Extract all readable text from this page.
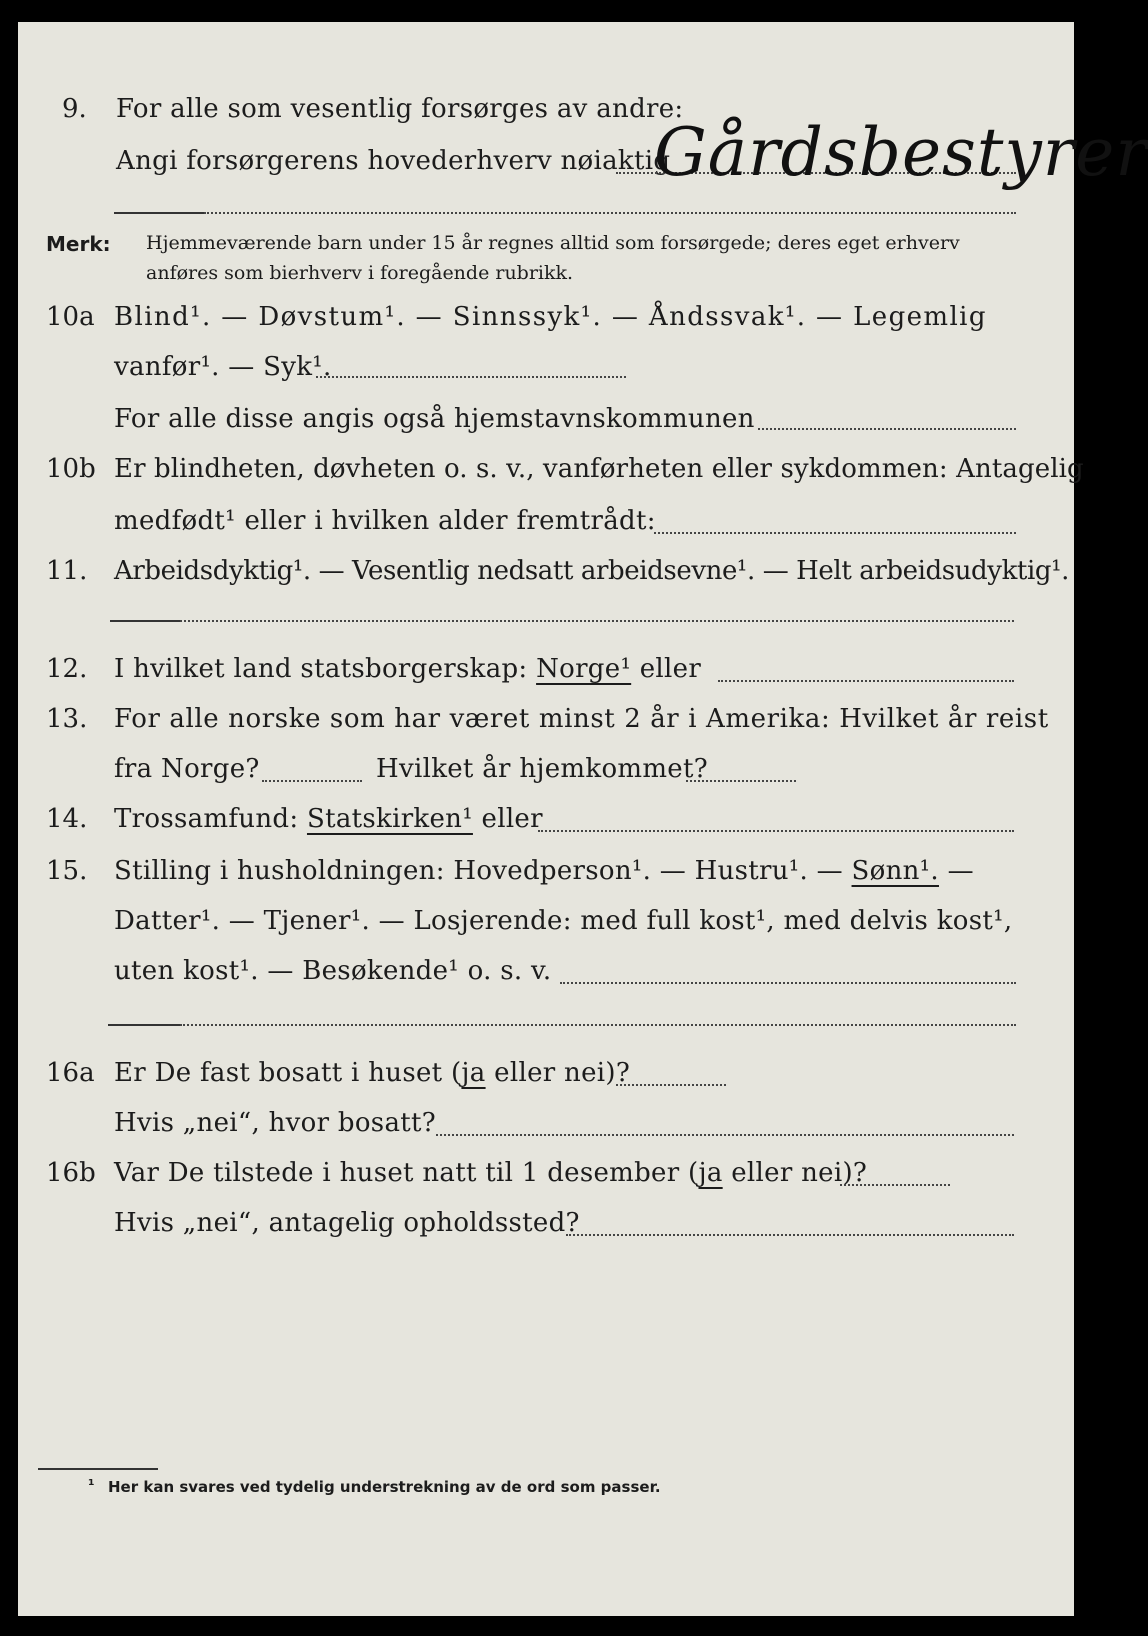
9. For alle som vesentlig forsørges av andre:
Angi forsørgerens hovederhverv nøiaktig
Gårdsbestyrer
Merk: Hjemmeværende barn under 15 år regnes alltid som forsørgede; deres eget erhverv anføres som bierhverv i foregående rubrikk.
10a Blind¹. — Døvstum¹. — Sinnssyk¹. — Åndssvak¹. — Legemlig
vanfør¹. — Syk¹.
For alle disse angis også hjemstavnskommunen
10b Er blindheten, døvheten o. s. v., vanførheten eller sykdommen: Antagelig
medfødt¹ eller i hvilken alder fremtrådt:
11. Arbeidsdyktig¹. — Vesentlig nedsatt arbeidsevne¹. — Helt arbeidsudyktig¹.
12. I hvilket land statsborgerskap: Norge¹ eller
13. For alle norske som har været minst 2 år i Amerika: Hvilket år reist
fra Norge?	Hvilket år hjemkommet?
14. Trossamfund: Statskirken¹ eller
15. Stilling i husholdningen: Hovedperson¹. — Hustru¹. — Sønn¹. —
Datter¹. — Tjener¹. — Losjerende: med full kost¹, med delvis kost¹,
uten kost¹. — Besøkende¹ o. s. v.
16a Er De fast bosatt i huset (ja eller nei)?
Hvis „nei“, hvor bosatt?
16b Var De tilstede i huset natt til 1 desember (ja eller nei)?
Hvis „nei“, antagelig opholdssted?
¹ Her kan svares ved tydelig understrekning av de ord som passer.
